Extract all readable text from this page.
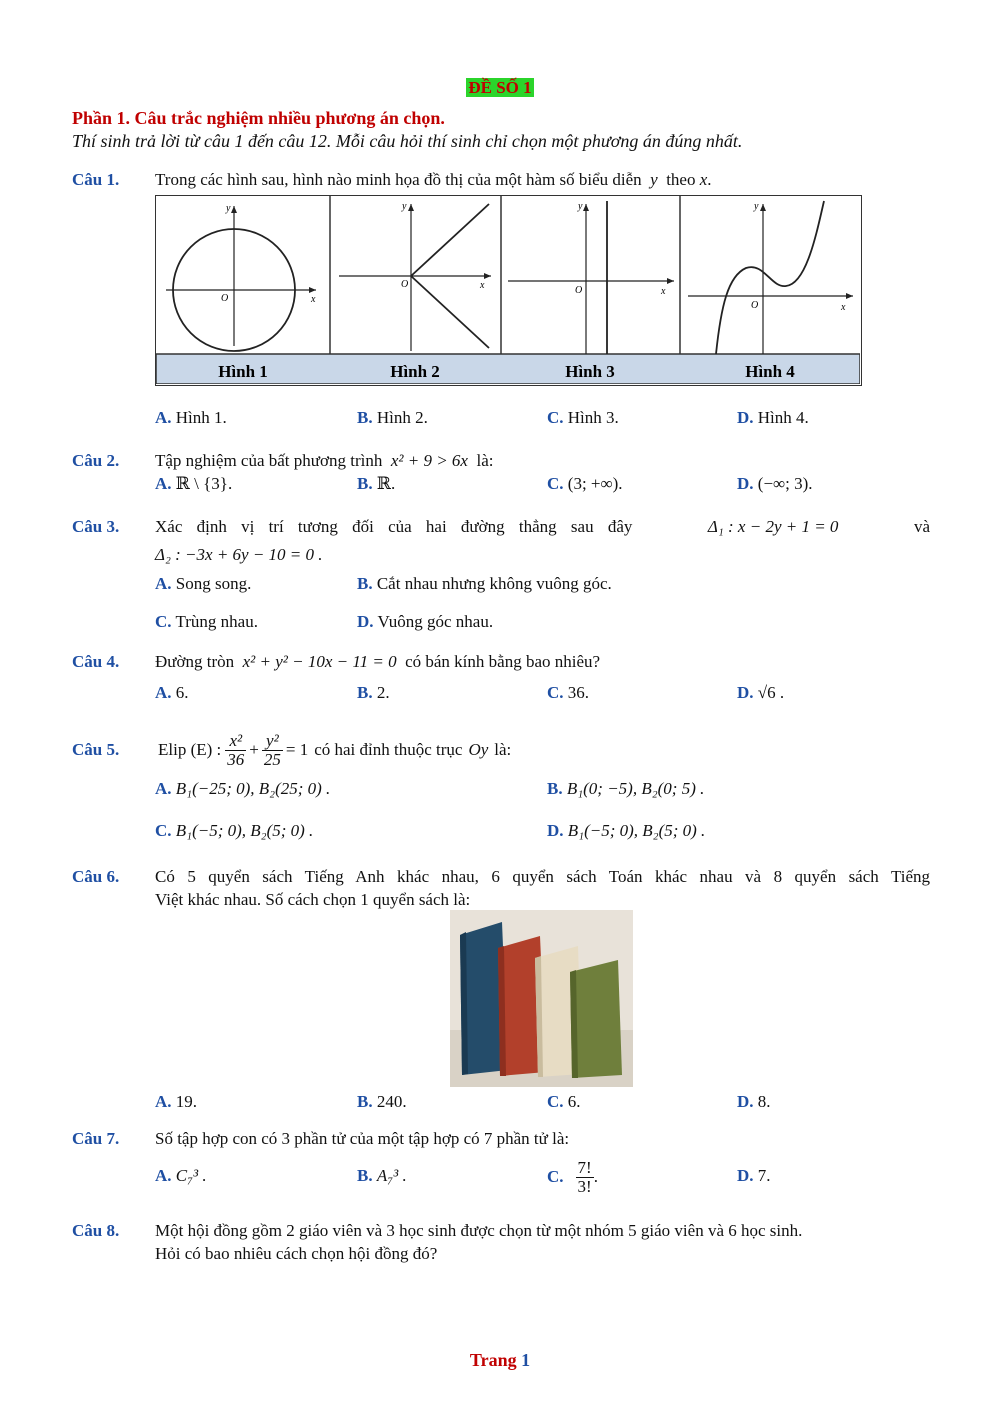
ĐỀ SỐ 1
Phần 1. Câu trắc nghiệm nhiều phương án chọn.
Thí sinh trả lời từ câu 1 đến câu 12. Mỗi câu hỏi thí sinh chỉ chọn một phương án đúng nhất.
Câu 1. Trong các hình sau, hình nào minh họa đồ thị của một hàm số biểu diễn y theo x.
y
x
O
y
x
O
y
x
O
y
x
O
Hình 1	Hình 2	Hình 3	Hình 4
A. Hình 1.	B. Hình 2.	C. Hình 3.	D. Hình 4.
Câu 2. Tập nghiệm của bất phương trình x² + 9 > 6x là:
A. ℝ \ {3}.	B. ℝ.	C. (3; +∞).	D. (−∞; 3).
Câu 3. Xác định vị trí tương đối của hai đường thẳng sau đây	Δ₁ : x − 2y + 1 = 0	và
Δ₂ : −3x + 6y − 10 = 0 .
A. Song song.	B. Cắt nhau nhưng không vuông góc.
C. Trùng nhau.	D. Vuông góc nhau.
Câu 4. Đường tròn x² + y² − 10x − 11 = 0 có bán kính bằng bao nhiêu?
A. 6.	B. 2.	C. 36.	D. √6 .
Câu 5. Elip (E) : $\frac{\text{x²}}{36} + \frac{\text{y²}}{25} = 1$ có hai đỉnh thuộc trục Oy là:
A. B₁(−25; 0), B₂(25; 0) .	B. B₁(0; −5), B₂(0; 5) .
C. B₁(−5; 0), B₂(5; 0) .	D. B₁(−5; 0), B₂(5; 0) .
Câu 6. Có 5 quyển sách Tiếng Anh khác nhau, 6 quyển sách Toán khác nhau và 8 quyển sách Tiếng
Việt khác nhau. Số cách chọn 1 quyển sách là:
A. 19.	B. 240.	C. 6.	D. 8.
Câu 7. Số tập hợp con có 3 phần tử của một tập hợp có 7 phần tử là:
A. C₇³ .	B. A₇³ .	C. $\frac{7!}{3!}$ .	D. 7.
Câu 8. Một hội đồng gồm 2 giáo viên và 3 học sinh được chọn từ một nhóm 5 giáo viên và 6 học sinh.
Hỏi có bao nhiêu cách chọn hội đồng đó?
Trang 1
